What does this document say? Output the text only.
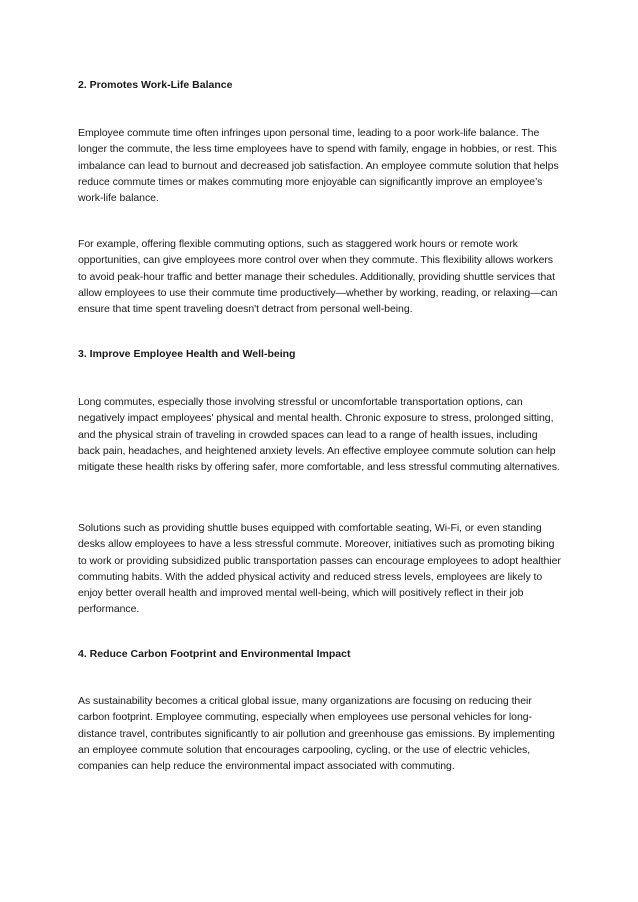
2. Promotes Work-Life Balance
Employee commute time often infringes upon personal time, leading to a poor work-life balance. The longer the commute, the less time employees have to spend with family, engage in hobbies, or rest. This imbalance can lead to burnout and decreased job satisfaction. An employee commute solution that helps reduce commute times or makes commuting more enjoyable can significantly improve an employee’s work-life balance.
For example, offering flexible commuting options, such as staggered work hours or remote work opportunities, can give employees more control over when they commute. This flexibility allows workers to avoid peak-hour traffic and better manage their schedules. Additionally, providing shuttle services that allow employees to use their commute time productively—whether by working, reading, or relaxing—can ensure that time spent traveling doesn't detract from personal well-being.
3. Improve Employee Health and Well-being
Long commutes, especially those involving stressful or uncomfortable transportation options, can negatively impact employees' physical and mental health. Chronic exposure to stress, prolonged sitting, and the physical strain of traveling in crowded spaces can lead to a range of health issues, including back pain, headaches, and heightened anxiety levels. An effective employee commute solution can help mitigate these health risks by offering safer, more comfortable, and less stressful commuting alternatives.
Solutions such as providing shuttle buses equipped with comfortable seating, Wi-Fi, or even standing desks allow employees to have a less stressful commute. Moreover, initiatives such as promoting biking to work or providing subsidized public transportation passes can encourage employees to adopt healthier commuting habits. With the added physical activity and reduced stress levels, employees are likely to enjoy better overall health and improved mental well-being, which will positively reflect in their job performance.
4. Reduce Carbon Footprint and Environmental Impact
As sustainability becomes a critical global issue, many organizations are focusing on reducing their carbon footprint. Employee commuting, especially when employees use personal vehicles for long-distance travel, contributes significantly to air pollution and greenhouse gas emissions. By implementing an employee commute solution that encourages carpooling, cycling, or the use of electric vehicles, companies can help reduce the environmental impact associated with commuting.
